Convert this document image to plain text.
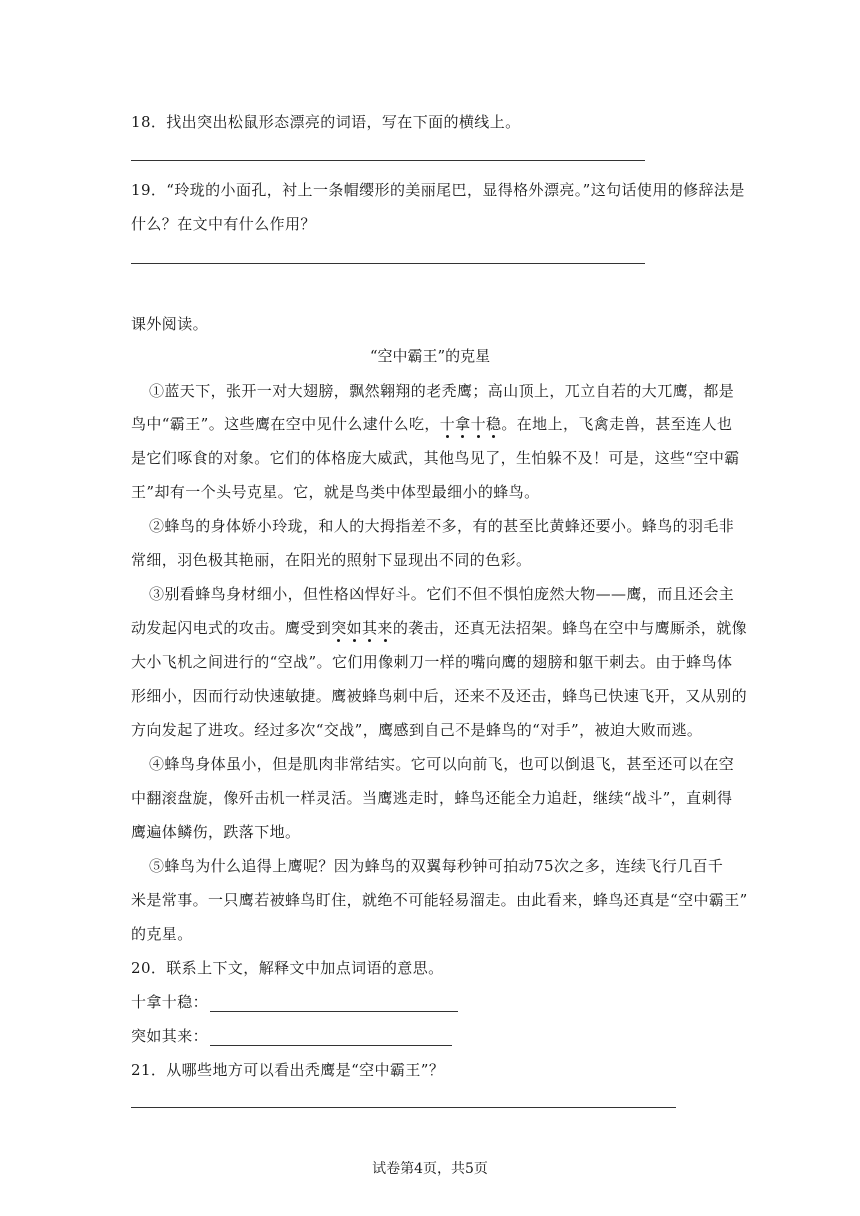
18．找出突出松鼠形态漂亮的词语，写在下面的横线上。
19．“玲珑的小面孔，衬上一条帽缨形的美丽尾巴，显得格外漂亮。”这句话使用的修辞法是
什么？在文中有什么作用？
课外阅读。
“空中霸王”的克星
①蓝天下，张开一对大翅膀，飘然翱翔的老秃鹰；高山顶上，兀立自若的大兀鹰，都是
鸟中“霸王”。这些鹰在空中见什么逮什么吃，十拿十稳。在地上，飞禽走兽，甚至连人也
是它们啄食的对象。它们的体格庞大威武，其他鸟见了，生怕躲不及！可是，这些“空中霸
王”却有一个头号克星。它，就是鸟类中体型最细小的蜂鸟。
②蜂鸟的身体娇小玲珑，和人的大拇指差不多，有的甚至比黄蜂还要小。蜂鸟的羽毛非
常细，羽色极其艳丽，在阳光的照射下显现出不同的色彩。
③别看蜂鸟身材细小，但性格凶悍好斗。它们不但不惧怕庞然大物——鹰，而且还会主
动发起闪电式的攻击。鹰受到突如其来的袭击，还真无法招架。蜂鸟在空中与鹰厮杀，就像
大小飞机之间进行的“空战”。它们用像刺刀一样的嘴向鹰的翅膀和躯干刺去。由于蜂鸟体
形细小，因而行动快速敏捷。鹰被蜂鸟刺中后，还来不及还击，蜂鸟已快速飞开，又从别的
方向发起了进攻。经过多次“交战”，鹰感到自己不是蜂鸟的“对手”，被迫大败而逃。
④蜂鸟身体虽小，但是肌肉非常结实。它可以向前飞，也可以倒退飞，甚至还可以在空
中翻滚盘旋，像歼击机一样灵活。当鹰逃走时，蜂鸟还能全力追赶，继续“战斗”，直刺得
鹰遍体鳞伤，跌落下地。
⑤蜂鸟为什么追得上鹰呢？因为蜂鸟的双翼每秒钟可拍动75次之多，连续飞行几百千
米是常事。一只鹰若被蜂鸟盯住，就绝不可能轻易溜走。由此看来，蜂鸟还真是“空中霸王”
的克星。
20．联系上下文，解释文中加点词语的意思。
十拿十稳：
突如其来：
21．从哪些地方可以看出秃鹰是“空中霸王”？
试卷第4页，共5页
